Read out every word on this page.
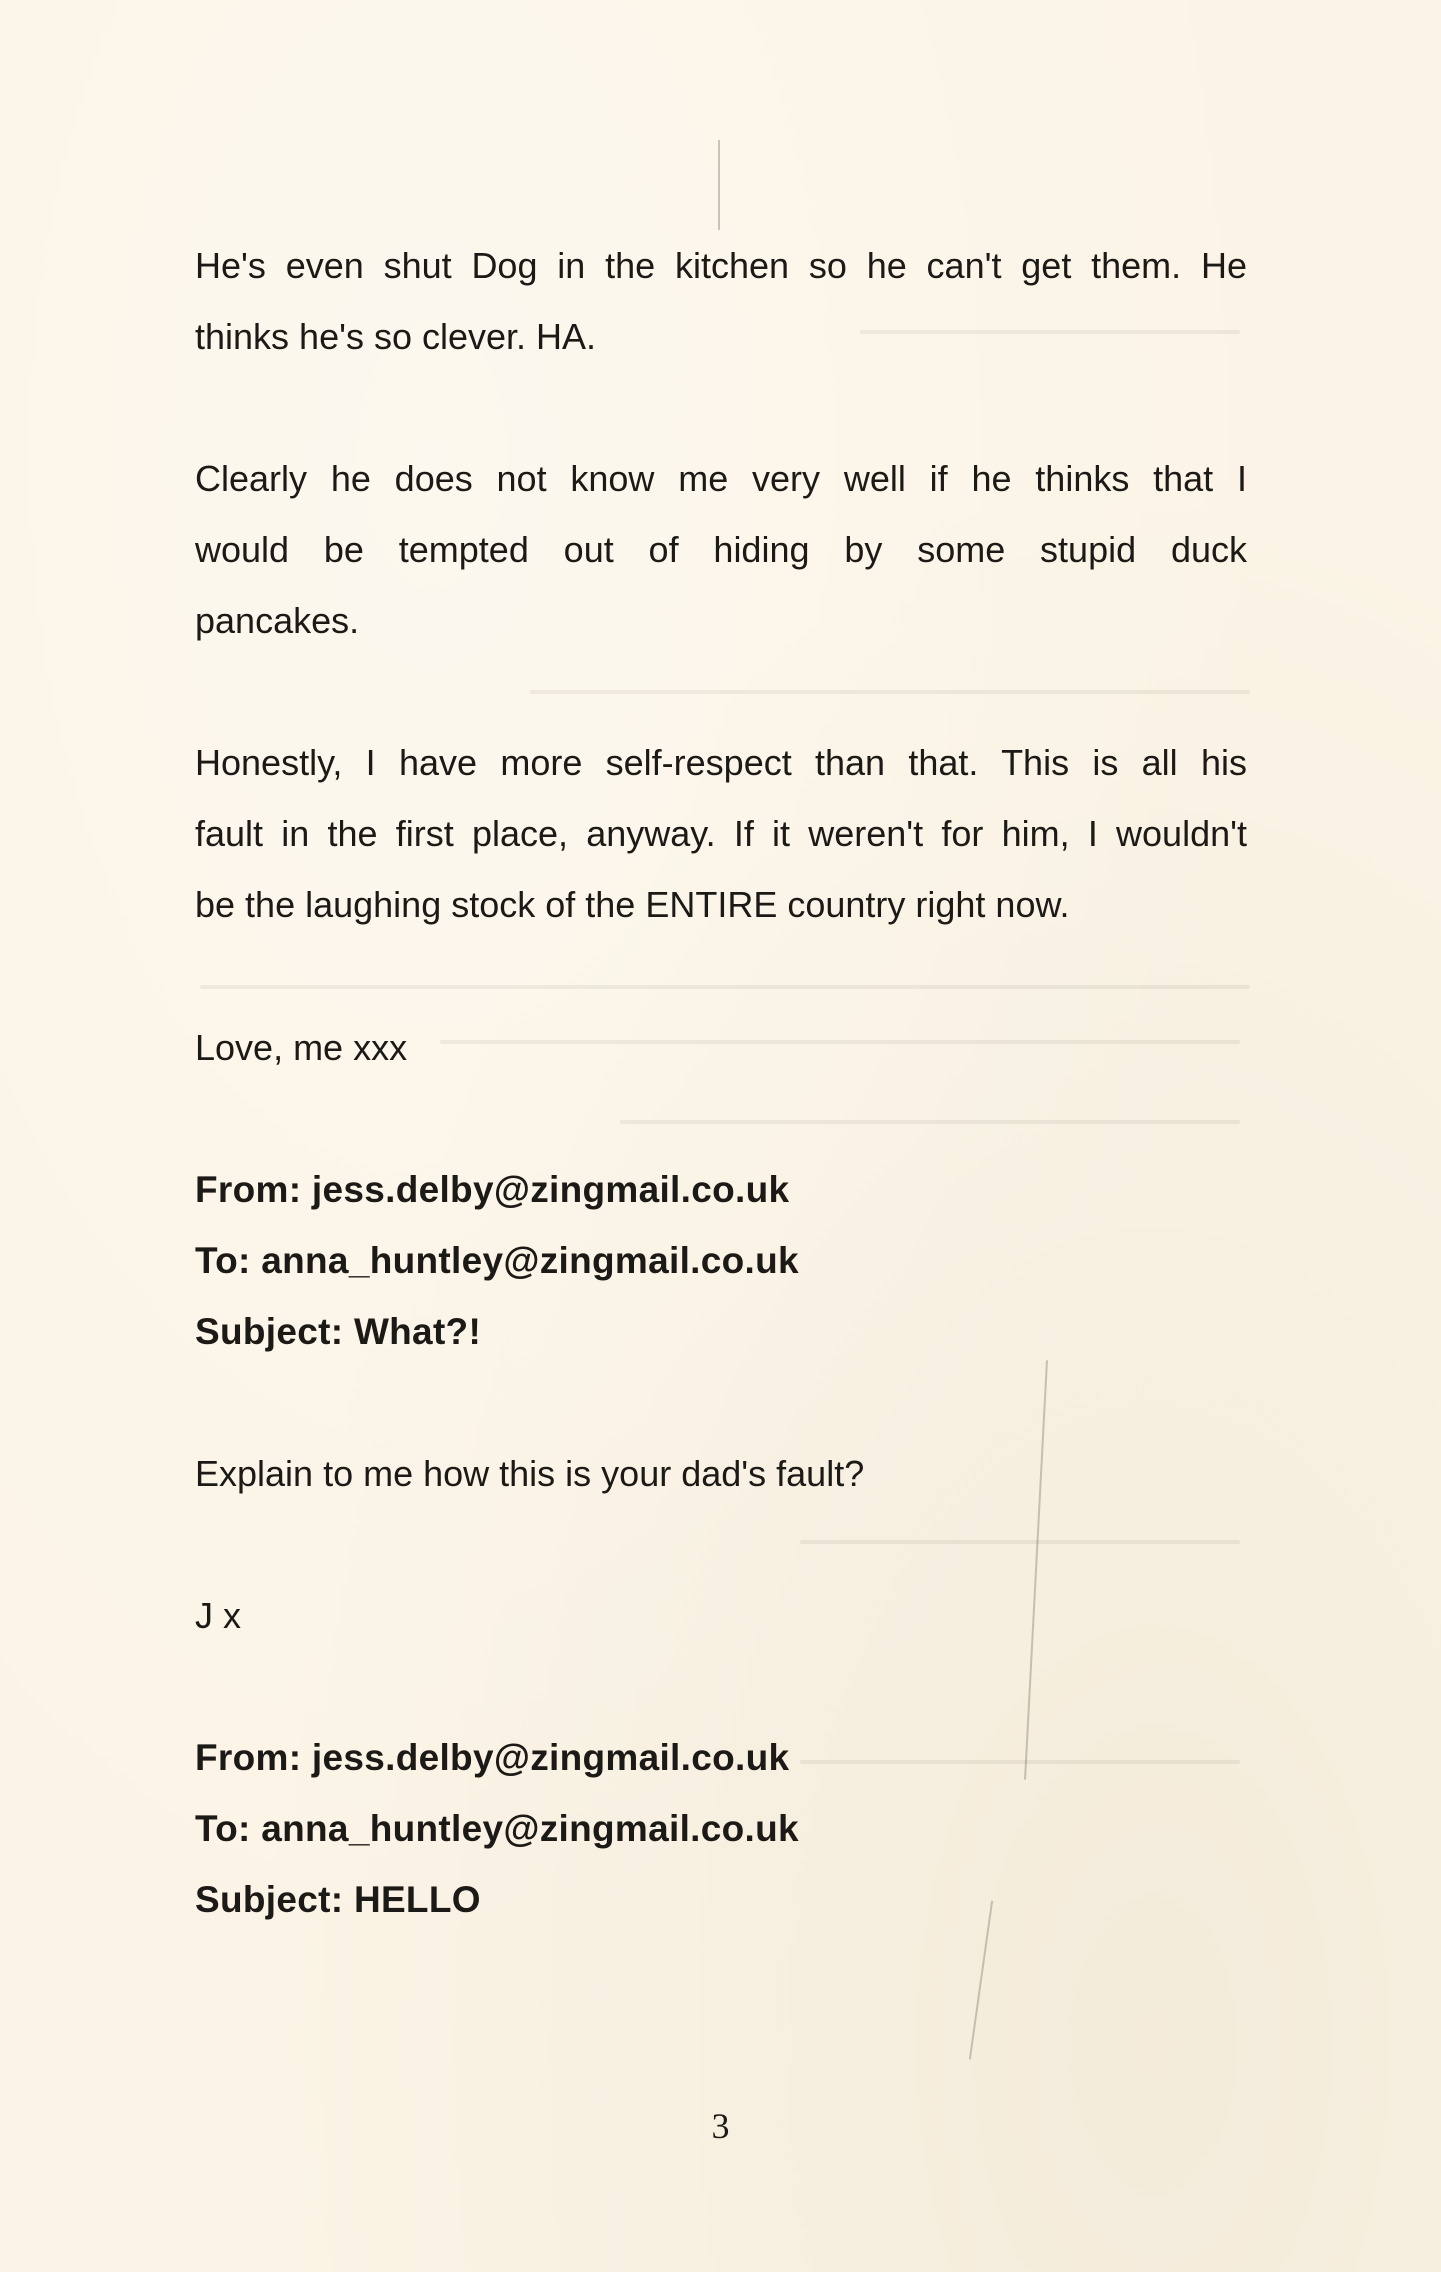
He's even shut Dog in the kitchen so he can't get them. He
thinks he's so clever. HA.
Clearly he does not know me very well if he thinks that I
would be tempted out of hiding by some stupid duck
pancakes.
Honestly, I have more self-respect than that. This is all his
fault in the first place, anyway. If it weren't for him, I wouldn't
be the laughing stock of the ENTIRE country right now.
Love, me xxx
From: jess.delby@zingmail.co.uk
To: anna_huntley@zingmail.co.uk
Subject: What?!
Explain to me how this is your dad's fault?
J x
From: jess.delby@zingmail.co.uk
To: anna_huntley@zingmail.co.uk
Subject: HELLO
3
